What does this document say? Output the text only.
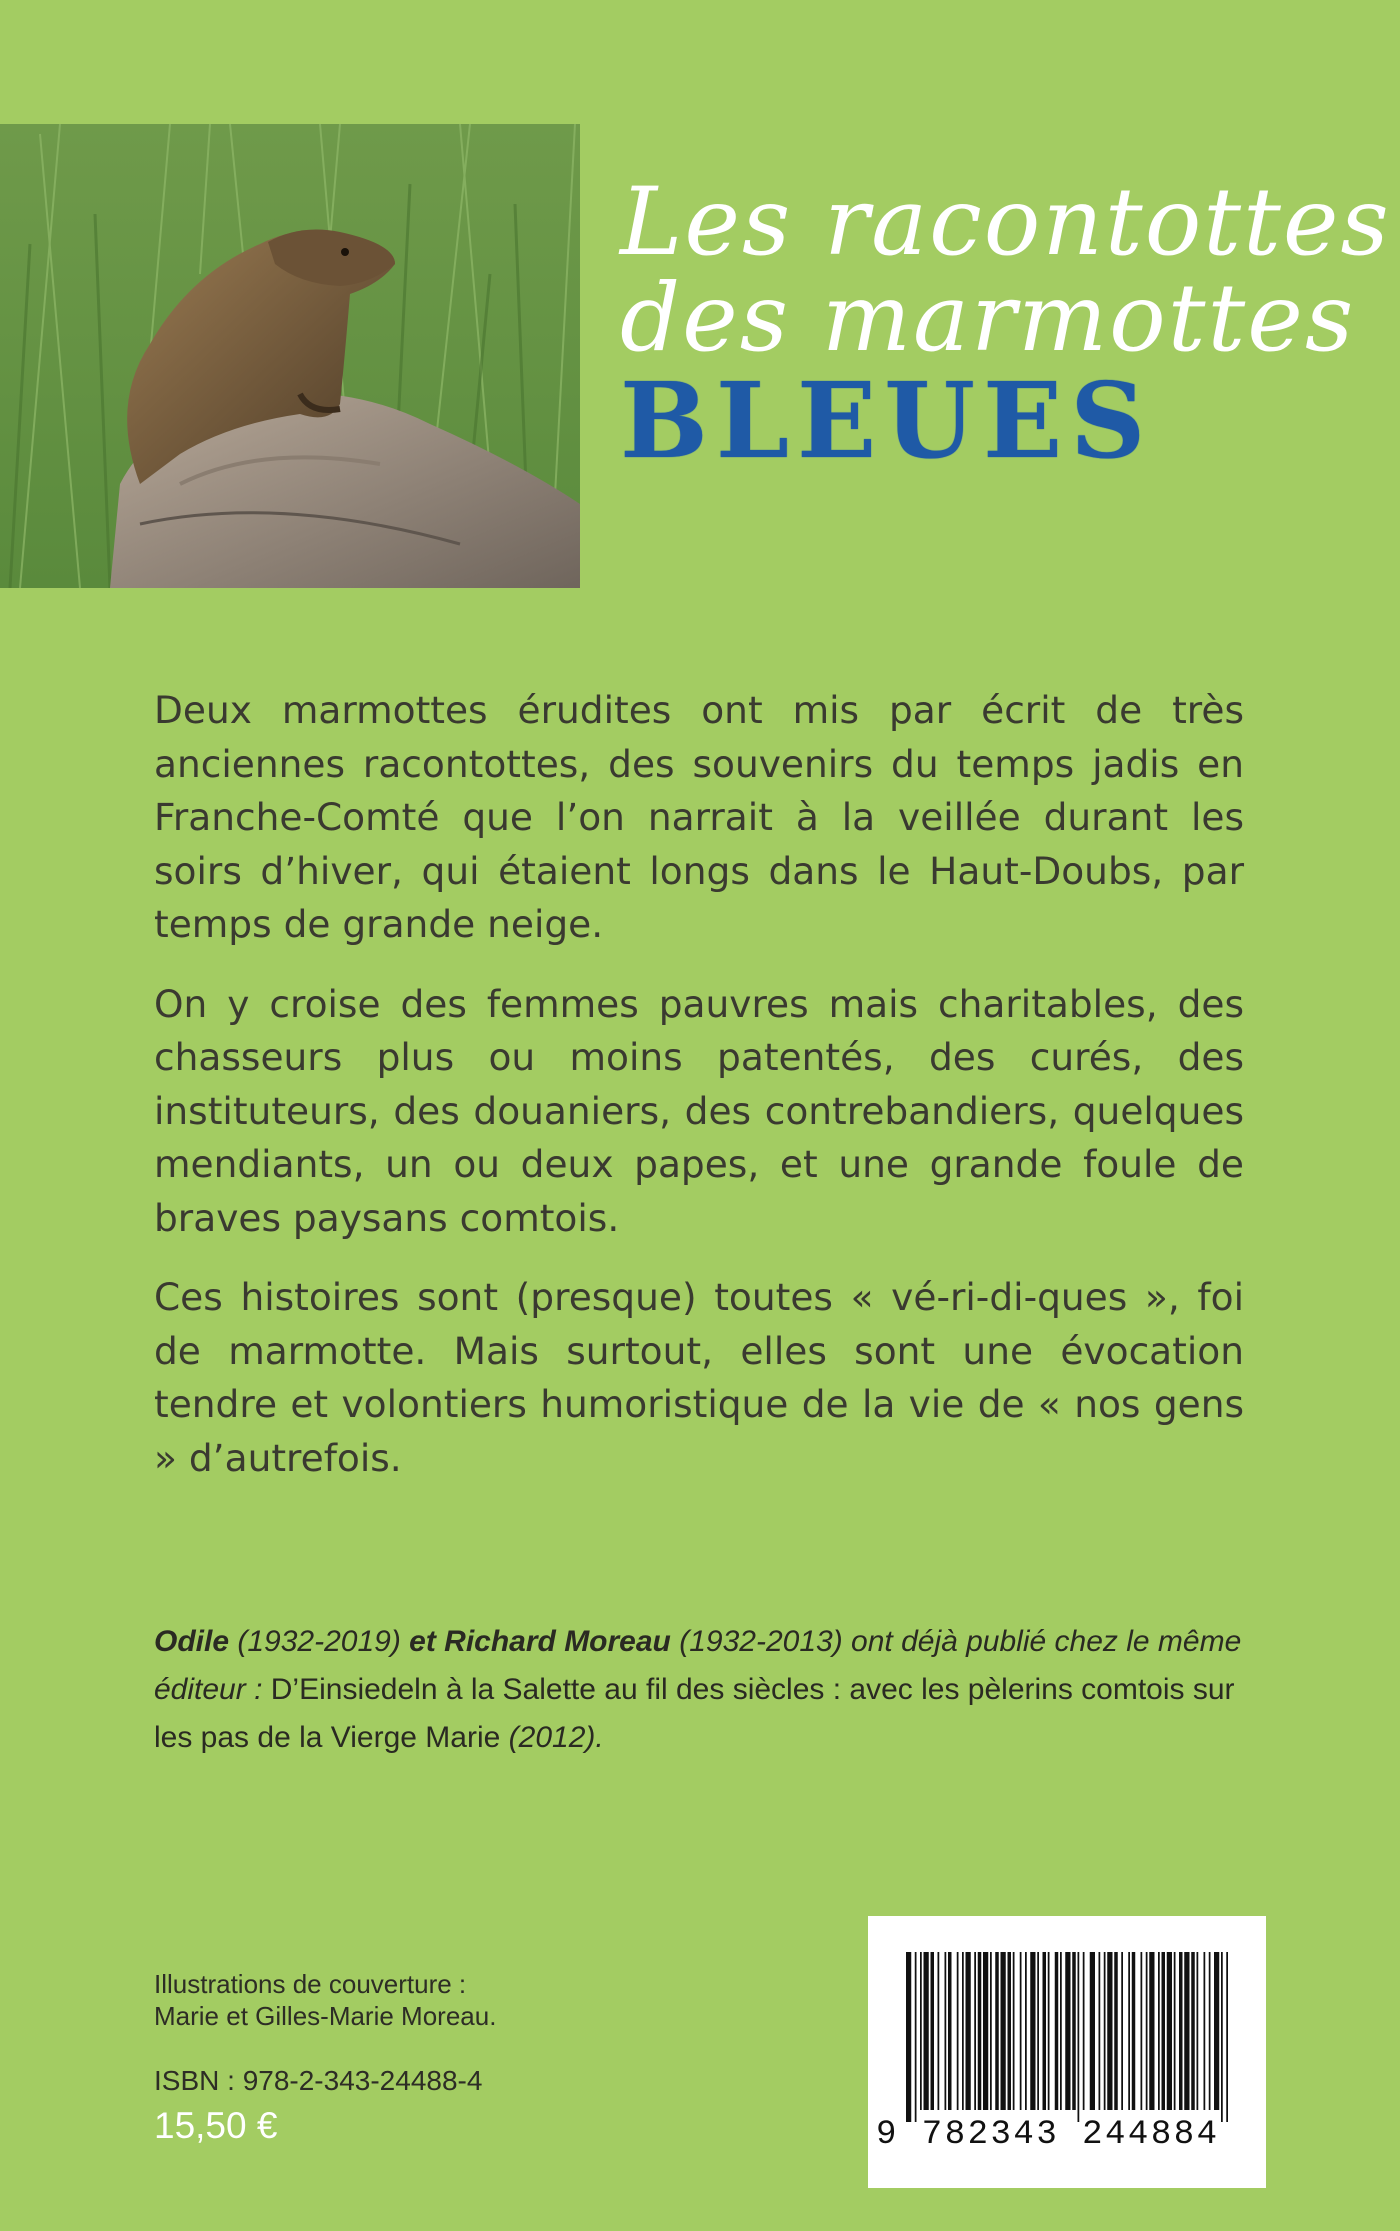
Les racontottes
des marmottes
BLEUES

Deux marmottes érudites ont mis par écrit de très anciennes racontottes, des souvenirs du temps jadis en Franche-Comté que l’on narrait à la veillée durant les soirs d’hiver, qui étaient longs dans le Haut-Doubs, par temps de grande neige.

On y croise des femmes pauvres mais charitables, des chasseurs plus ou moins patentés, des curés, des instituteurs, des douaniers, des contrebandiers, quelques mendiants, un ou deux papes, et une grande foule de braves paysans comtois.

Ces histoires sont (presque) toutes « vé-ri-di-ques », foi de marmotte. Mais surtout, elles sont une évocation tendre et volontiers humoristique de la vie de « nos gens » d’autrefois.

Odile (1932-2019) et Richard Moreau (1932-2013) ont déjà publié chez le même éditeur : D’Einsiedeln à la Salette au fil des siècles : avec les pèlerins comtois sur les pas de la Vierge Marie (2012).
Illustrations de couverture :
Marie et Gilles-Marie Moreau.
ISBN : 978-2-343-24488-4
15,50 €	9 782343 244884
